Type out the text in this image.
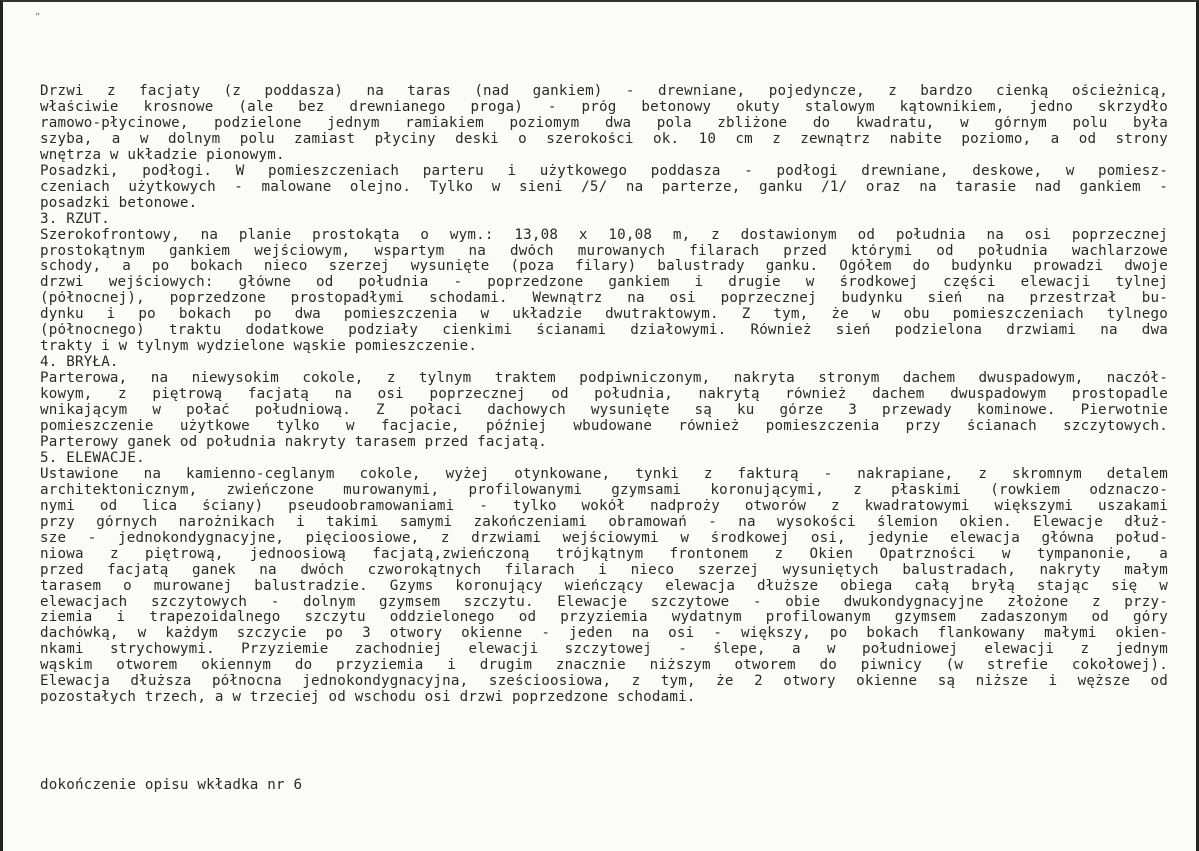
”
Drzwi z facjaty (z poddasza) na taras (nad gankiem) - drewniane, pojedyncze, z bardzo cienką ościeżnicą,
właściwie krosnowe (ale bez drewnianego proga) - próg betonowy okuty stalowym kątownikiem, jedno skrzydło
ramowo-płycinowe, podzielone jednym ramiakiem poziomym dwa pola zbliżone do kwadratu, w górnym polu była
szyba, a w dolnym polu zamiast płyciny deski o szerokości ok. 10 cm z zewnątrz nabite poziomo, a od strony
wnętrza w układzie pionowym.
Posadzki, podłogi. W pomieszczeniach parteru i użytkowego poddasza - podłogi drewniane, deskowe, w pomiesz-
czeniach użytkowych - malowane olejno. Tylko w sieni /5/ na parterze, ganku /1/ oraz na tarasie nad gankiem -
posadzki betonowe.
3. RZUT.
Szerokofrontowy, na planie prostokąta o wym.: 13,08 x 10,08 m, z dostawionym od południa na osi poprzecznej
prostokątnym gankiem wejściowym, wspartym na dwóch murowanych filarach przed którymi od południa wachlarzowe
schody, a po bokach nieco szerzej wysunięte (poza filary) balustrady ganku. Ogółem do budynku prowadzi dwoje
drzwi wejściowych: główne od południa - poprzedzone gankiem i drugie w środkowej części elewacji tylnej
(północnej), poprzedzone prostopadłymi schodami. Wewnątrz na osi poprzecznej budynku sień na przestrzał bu-
dynku i po bokach po dwa pomieszczenia w układzie dwutraktowym. Z tym, że w obu pomieszczeniach tylnego
(północnego) traktu dodatkowe podziały cienkimi ścianami działowymi. Również sień podzielona drzwiami na dwa
trakty i w tylnym wydzielone wąskie pomieszczenie.
4. BRYŁA.
Parterowa, na niewysokim cokole, z tylnym traktem podpiwniczonym, nakryta stronym dachem dwuspadowym, naczół-
kowym, z piętrową facjatą na osi poprzecznej od południa, nakrytą również dachem dwuspadowym prostopadle
wnikającym w połać południową. Z połaci dachowych wysunięte są ku górze 3 przewady kominowe. Pierwotnie
pomieszczenie użytkowe tylko w facjacie, później wbudowane również pomieszczenia przy ścianach szczytowych.
Parterowy ganek od południa nakryty tarasem przed facjatą.
5. ELEWACJE.
Ustawione na kamienno-ceglanym cokole, wyżej otynkowane, tynki z fakturą - nakrapiane, z skromnym detalem
architektonicznym, zwieńczone murowanymi, profilowanymi gzymsami koronującymi, z płaskimi (rowkiem odznaczo-
nymi od lica ściany) pseudoobramowaniami - tylko wokół nadproży otworów z kwadratowymi większymi uszakami
przy górnych narożnikach i takimi samymi zakończeniami obramowań - na wysokości ślemion okien. Elewacje dłuż-
sze - jednokondygnacyjne, pięcioosiowe, z drzwiami wejściowymi w środkowej osi, jedynie elewacja główna połud-
niowa z piętrową, jednoosiową facjatą,zwieńczoną trójkątnym frontonem z Okien Opatrzności w tympanonie, a
przed facjatą ganek na dwóch czworokątnych filarach i nieco szerzej wysuniętych balustradach, nakryty małym
tarasem o murowanej balustradzie. Gzyms koronujący wieńczący elewacja dłuższe obiega całą bryłą stając się w
elewacjach szczytowych - dolnym gzymsem szczytu. Elewacje szczytowe - obie dwukondygnacyjne złożone z przy-
ziemia i trapezoidalnego szczytu oddzielonego od przyziemia wydatnym profilowanym gzymsem zadaszonym od góry
dachówką, w każdym szczycie po 3 otwory okienne - jeden na osi - większy, po bokach flankowany małymi okien-
nkami strychowymi. Przyziemie zachodniej elewacji szczytowej - ślepe, a w południowej elewacji z jednym
wąskim otworem okiennym do przyziemia i drugim znacznie niższym otworem do piwnicy (w strefie cokołowej).
Elewacja dłuższa północna jednokondygnacyjna, sześcioosiowa, z tym, że 2 otwory okienne są niższe i węższe od
pozostałych trzech, a w trzeciej od wschodu osi drzwi poprzedzone schodami.
dokończenie opisu wkładka nr 6
